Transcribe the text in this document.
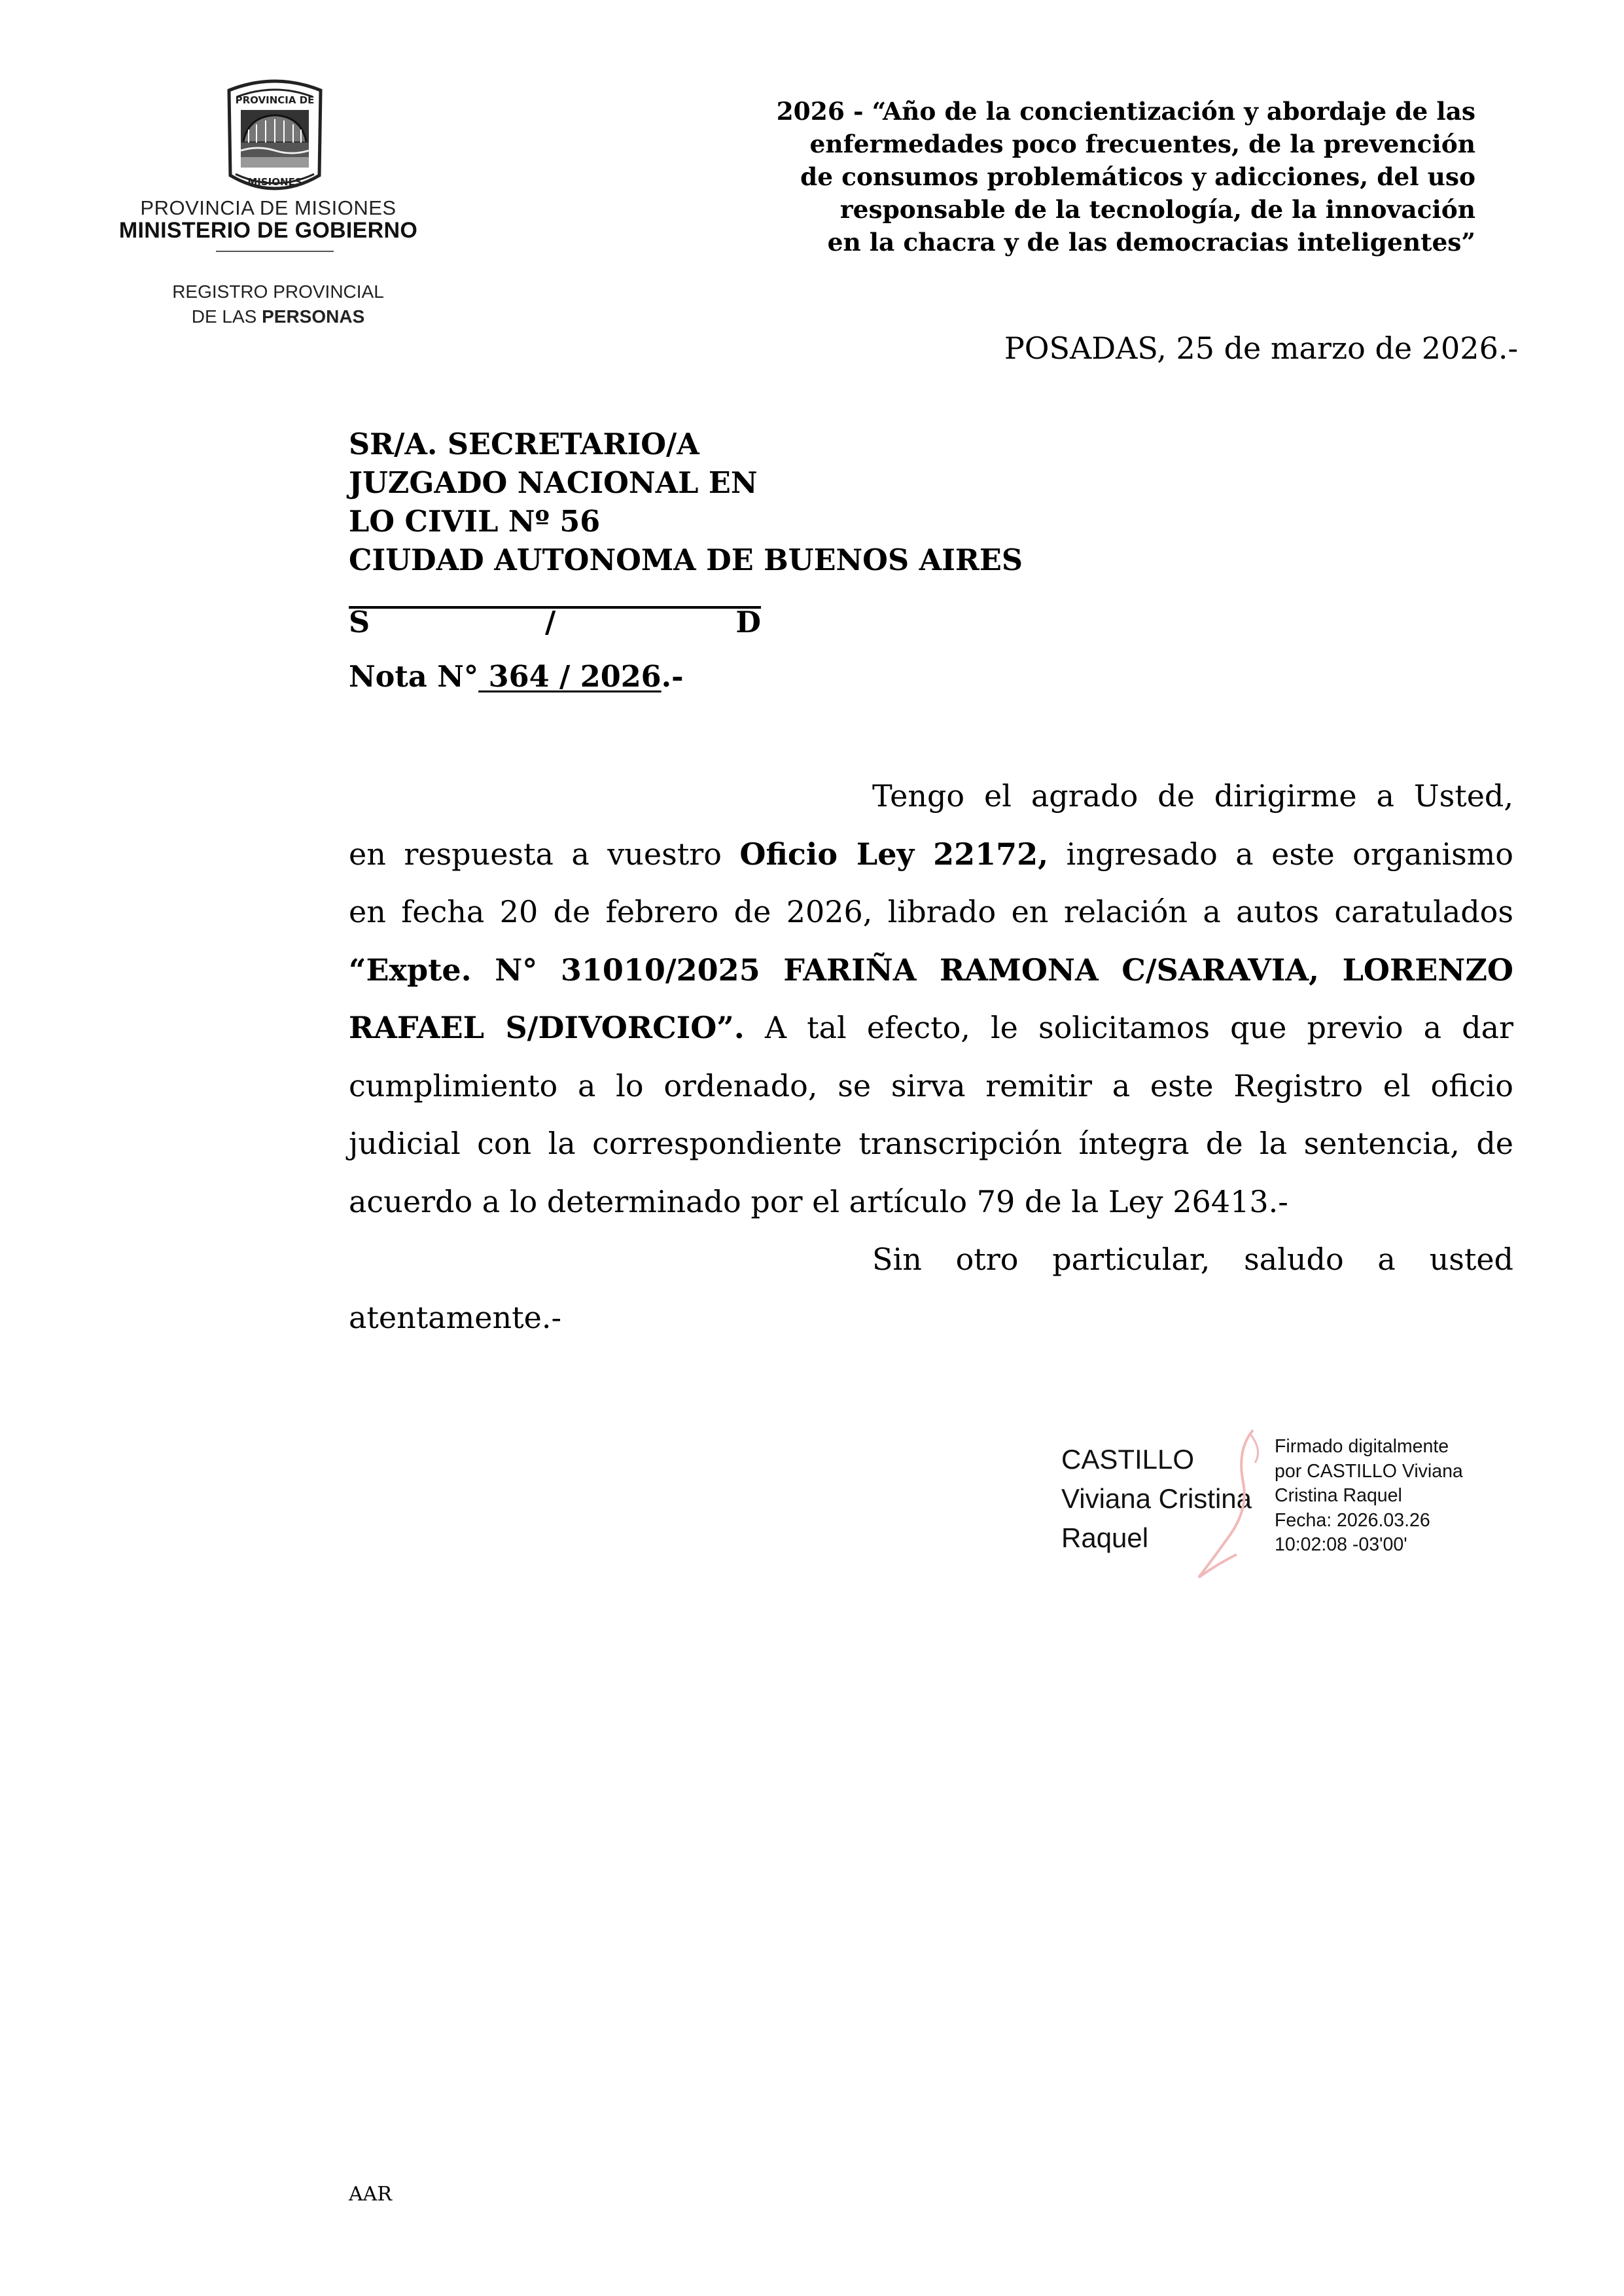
PROVINCIA DE
MISIONES
PROVINCIA DE MISIONES
MINISTERIO DE GOBIERNO
REGISTRO PROVINCIAL
DE LAS PERSONAS
2026 - “Año de la concientización y abordaje de las
enfermedades poco frecuentes, de la prevención
de consumos problemáticos y adicciones, del uso
responsable de la tecnología, de la innovación
en la chacra y de las democracias inteligentes”
POSADAS, 25 de marzo de 2026.-
SR/A. SECRETARIO/A
JUZGADO NACIONAL EN
LO CIVIL Nº 56
CIUDAD AUTONOMA DE BUENOS AIRES
S	/	D
Nota N° 364 / 2026.-
Tengo el agrado de dirigirme a Usted,
en respuesta a vuestro Oficio Ley 22172, ingresado a este organismo
en fecha 20 de febrero de 2026, librado en relación a autos caratulados
“Expte. N° 31010/2025 FARIÑA RAMONA C/SARAVIA, LORENZO
RAFAEL S/DIVORCIO”. A tal efecto, le solicitamos que previo a dar
cumplimiento a lo ordenado, se sirva remitir a este Registro el oficio
judicial con la correspondiente transcripción íntegra de la sentencia, de
acuerdo a lo determinado por el artículo 79 de la Ley 26413.-
Sin otro particular, saludo a usted
atentamente.-
CASTILLO
Viviana Cristina
Raquel
Firmado digitalmente
por CASTILLO Viviana
Cristina Raquel
Fecha: 2026.03.26
10:02:08 -03'00'
AAR
